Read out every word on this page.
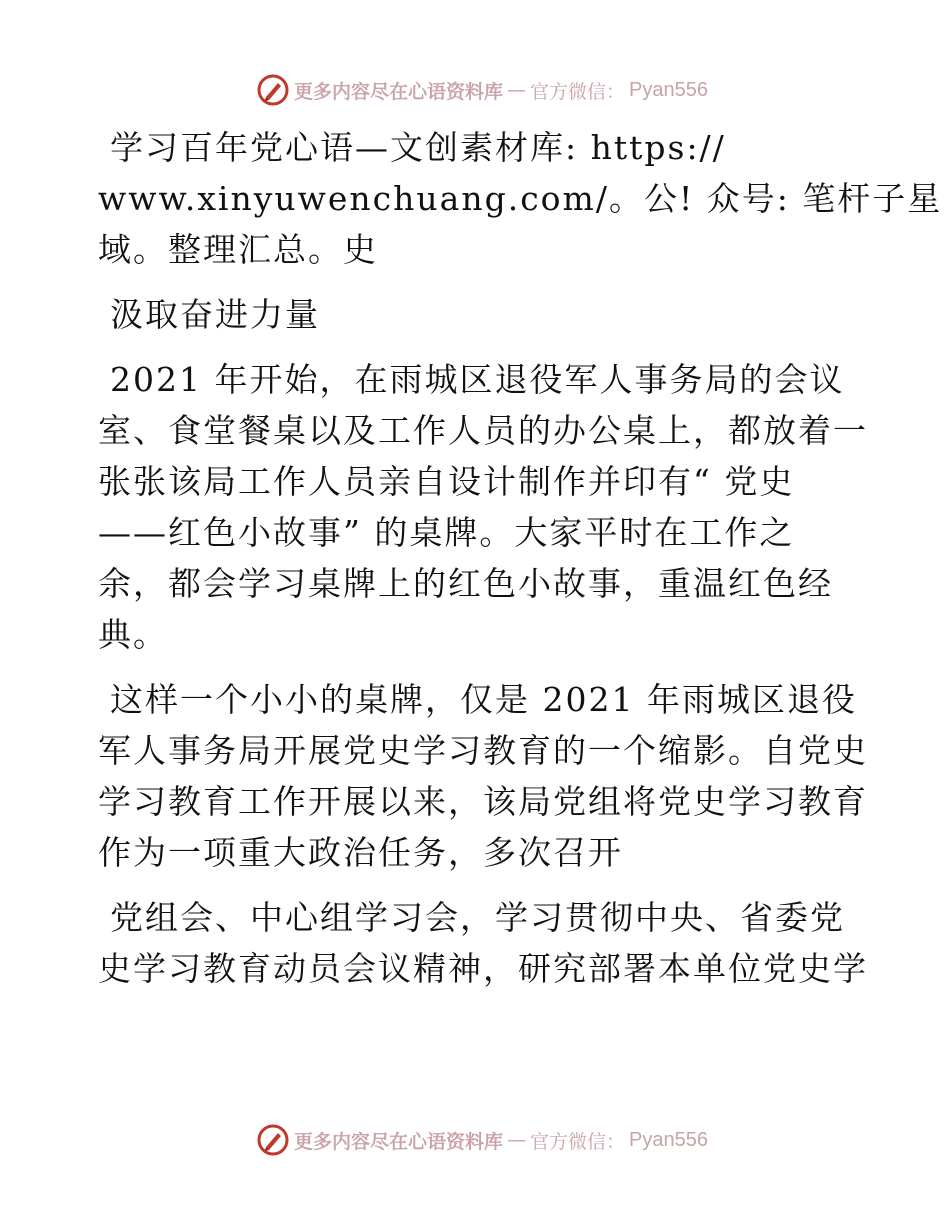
更多内容尽在心语资料库 — 官方微信： Pyan556
学习百年党心语—文创素材库: https://
www.xinyuwenchuang.com/。公! 众号: 笔杆子星
域。整理汇总。史
汲取奋进力量
2021 年开始，在雨城区退役军人事务局的会议
室、食堂餐桌以及工作人员的办公桌上，都放着一
张张该局工作人员亲自设计制作并印有“ 党史
——红色小故事” 的桌牌。大家平时在工作之
余，都会学习桌牌上的红色小故事，重温红色经
典。
这样一个小小的桌牌，仅是 2021 年雨城区退役
军人事务局开展党史学习教育的一个缩影。自党史
学习教育工作开展以来，该局党组将党史学习教育
作为一项重大政治任务，多次召开
党组会、中心组学习会，学习贯彻中央、省委党
史学习教育动员会议精神，研究部署本单位党史学
更多内容尽在心语资料库 — 官方微信： Pyan556
